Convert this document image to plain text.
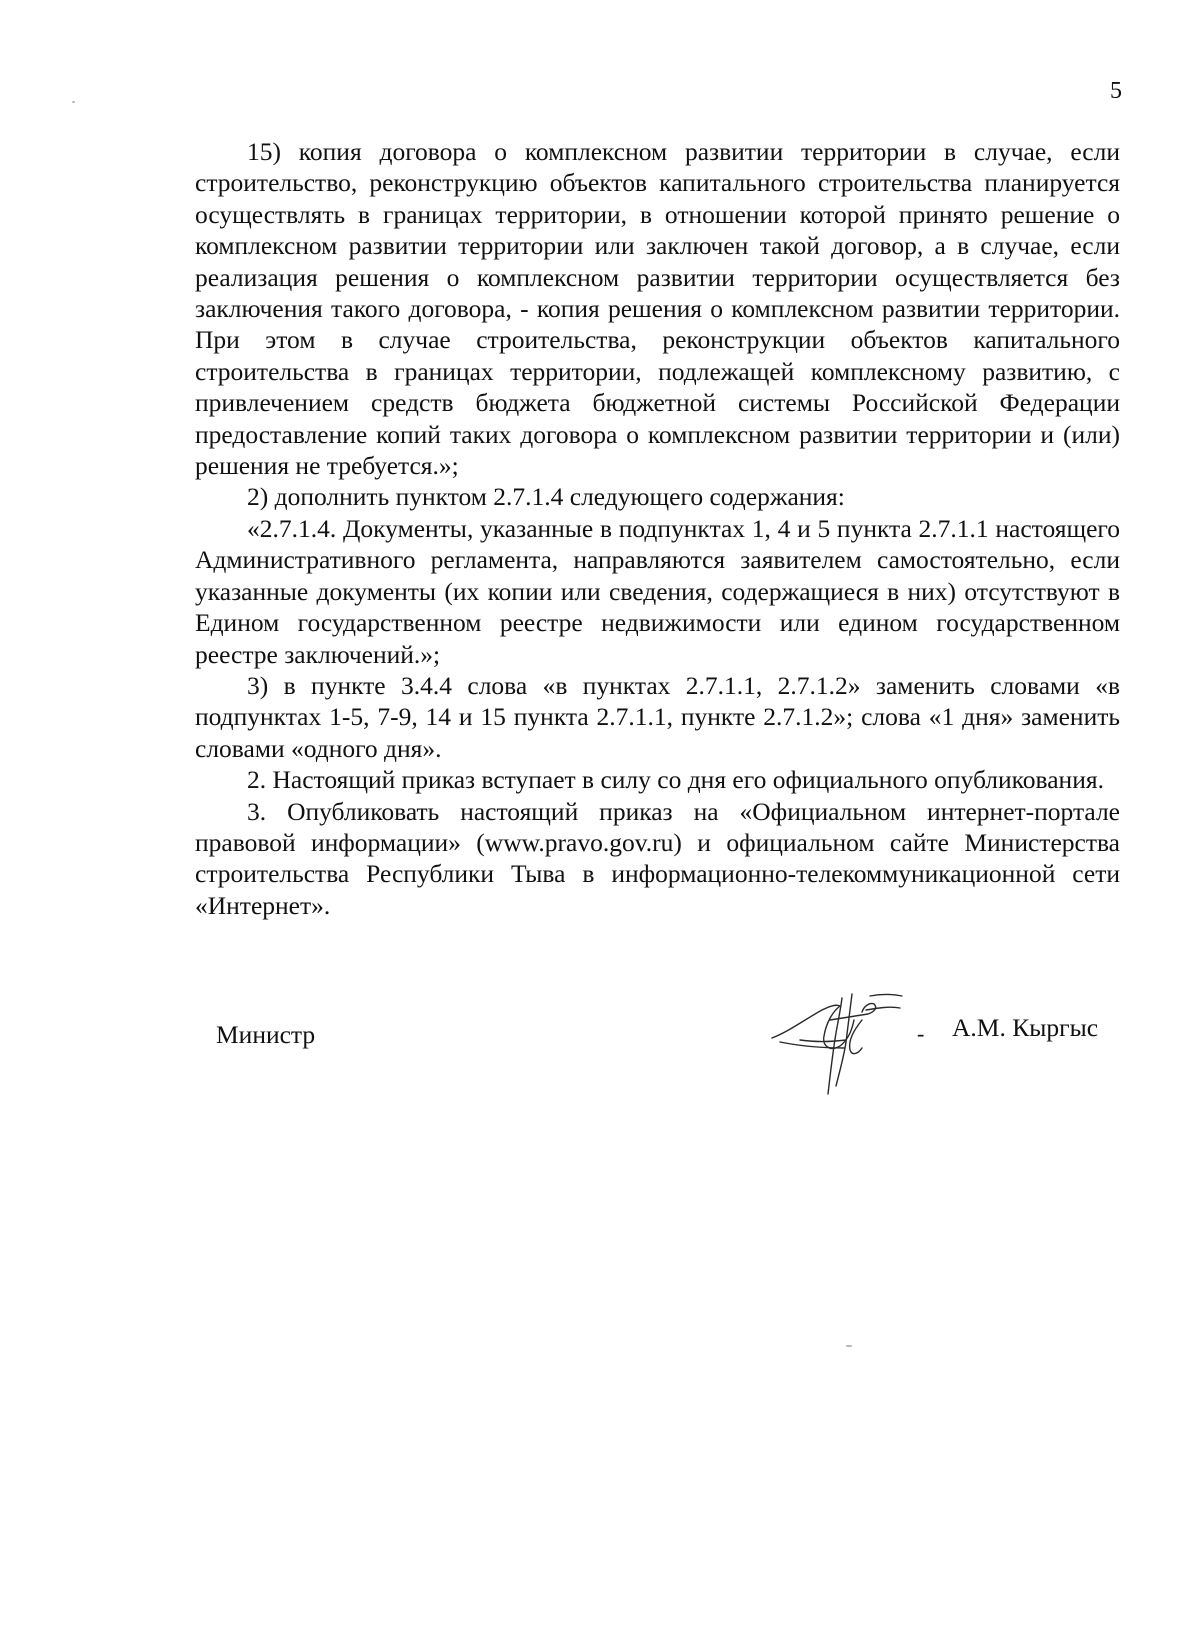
5

15) копия договора о комплексном развитии территории в случае, если строительство, реконструкцию объектов капитального строительства планируется осуществлять в границах территории, в отношении которой принято решение о комплексном развитии территории или заключен такой договор, а в случае, если реализация решения о комплексном развитии территории осуществляется без заключения такого договора, - копия решения о комплексном развитии территории. При этом в случае строительства, реконструкции объектов капитального строительства в границах территории, подлежащей комплексному развитию, с привлечением средств бюджета бюджетной системы Российской Федерации предоставление копий таких договора о комплексном развитии территории и (или) решения не требуется.»;

2) дополнить пунктом 2.7.1.4 следующего содержания:

«2.7.1.4. Документы, указанные в подпунктах 1, 4 и 5 пункта 2.7.1.1 настоящего Административного регламента, направляются заявителем самостоятельно, если указанные документы (их копии или сведения, содержащиеся в них) отсутствуют в Едином государственном реестре недвижимости или едином государственном реестре заключений.»;

3) в пункте 3.4.4 слова «в пунктах 2.7.1.1, 2.7.1.2» заменить словами «в подпунктах 1-5, 7-9, 14 и 15 пункта 2.7.1.1, пункте 2.7.1.2»; слова «1 дня» заменить словами «одного дня».

2. Настоящий приказ вступает в силу со дня его официального опубликования.

3. Опубликовать настоящий приказ на «Официальном интернет-портале правовой информации» (www.pravo.gov.ru) и официальном сайте Министерства строительства Республики Тыва в информационно-телекоммуникационной сети «Интернет».

Министр	- А.М. Кыргыс
